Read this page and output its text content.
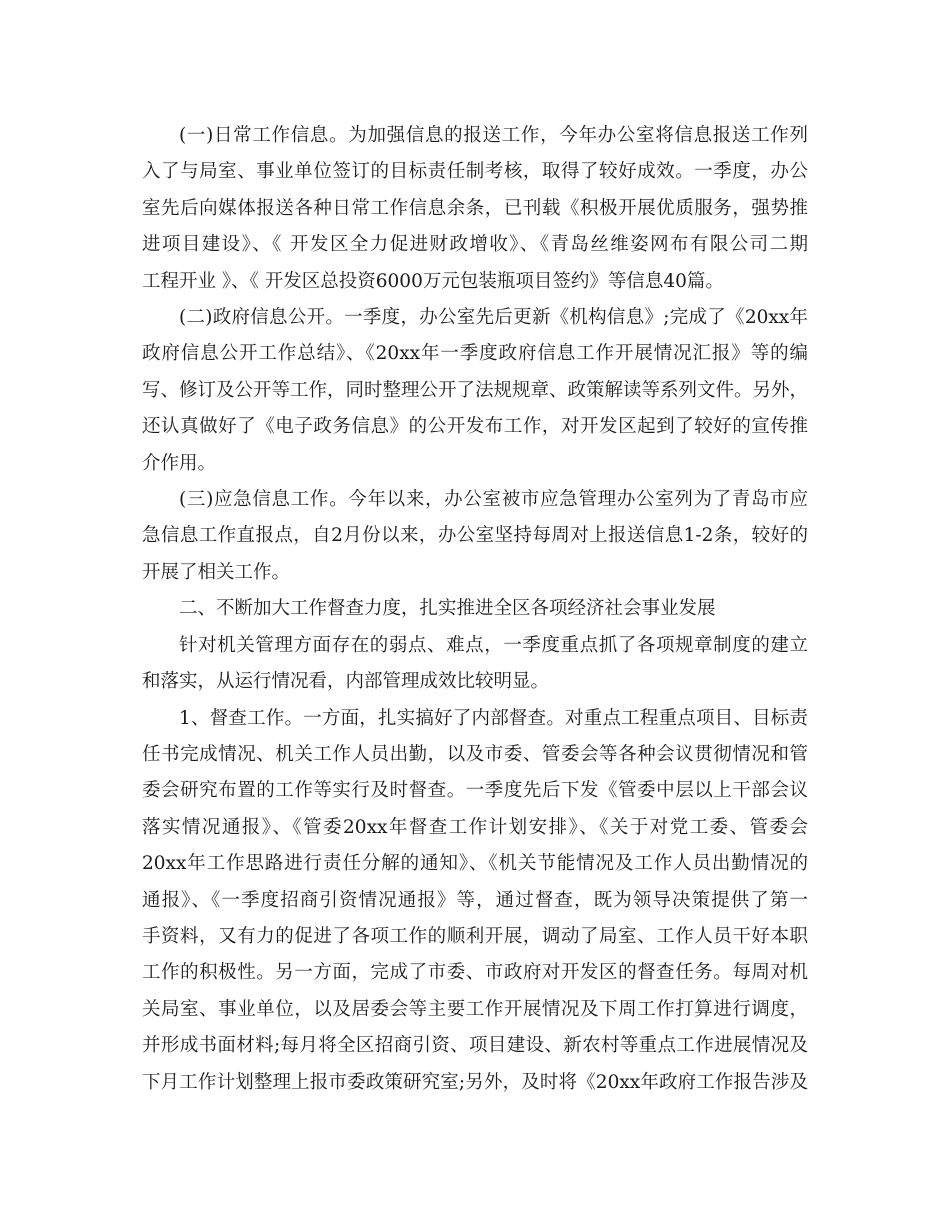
(一)日常工作信息。为加强信息的报送工作，今年办公室将信息报送工作列
入了与局室、事业单位签订的目标责任制考核，取得了较好成效。一季度，办公
室先后向媒体报送各种日常工作信息余条，已刊载《积极开展优质服务，强势推
进项目建设》、《 开发区全力促进财政增收》、《青岛丝维姿网布有限公司二期
工程开业 》、《 开发区总投资6000万元包装瓶项目签约》等信息40篇。
(二)政府信息公开。一季度，办公室先后更新《机构信息》;完成了《20xx年
政府信息公开工作总结》、《20xx年一季度政府信息工作开展情况汇报》等的编
写、修订及公开等工作，同时整理公开了法规规章、政策解读等系列文件。另外，
还认真做好了《电子政务信息》的公开发布工作，对开发区起到了较好的宣传推
介作用。
(三)应急信息工作。今年以来，办公室被市应急管理办公室列为了青岛市应
急信息工作直报点，自2月份以来，办公室坚持每周对上报送信息1-2条，较好的
开展了相关工作。
二、不断加大工作督查力度，扎实推进全区各项经济社会事业发展
针对机关管理方面存在的弱点、难点，一季度重点抓了各项规章制度的建立
和落实，从运行情况看，内部管理成效比较明显。
1、督查工作。一方面，扎实搞好了内部督查。对重点工程重点项目、目标责
任书完成情况、机关工作人员出勤，以及市委、管委会等各种会议贯彻情况和管
委会研究布置的工作等实行及时督查。一季度先后下发《管委中层以上干部会议
落实情况通报》、《管委20xx年督查工作计划安排》、《关于对党工委、管委会
20xx年工作思路进行责任分解的通知》、《机关节能情况及工作人员出勤情况的
通报》、《一季度招商引资情况通报》等，通过督查，既为领导决策提供了第一
手资料，又有力的促进了各项工作的顺利开展，调动了局室、工作人员干好本职
工作的积极性。另一方面，完成了市委、市政府对开发区的督查任务。每周对机
关局室、事业单位，以及居委会等主要工作开展情况及下周工作打算进行调度，
并形成书面材料;每月将全区招商引资、项目建设、新农村等重点工作进展情况及
下月工作计划整理上报市委政策研究室;另外，及时将《20xx年政府工作报告涉及
